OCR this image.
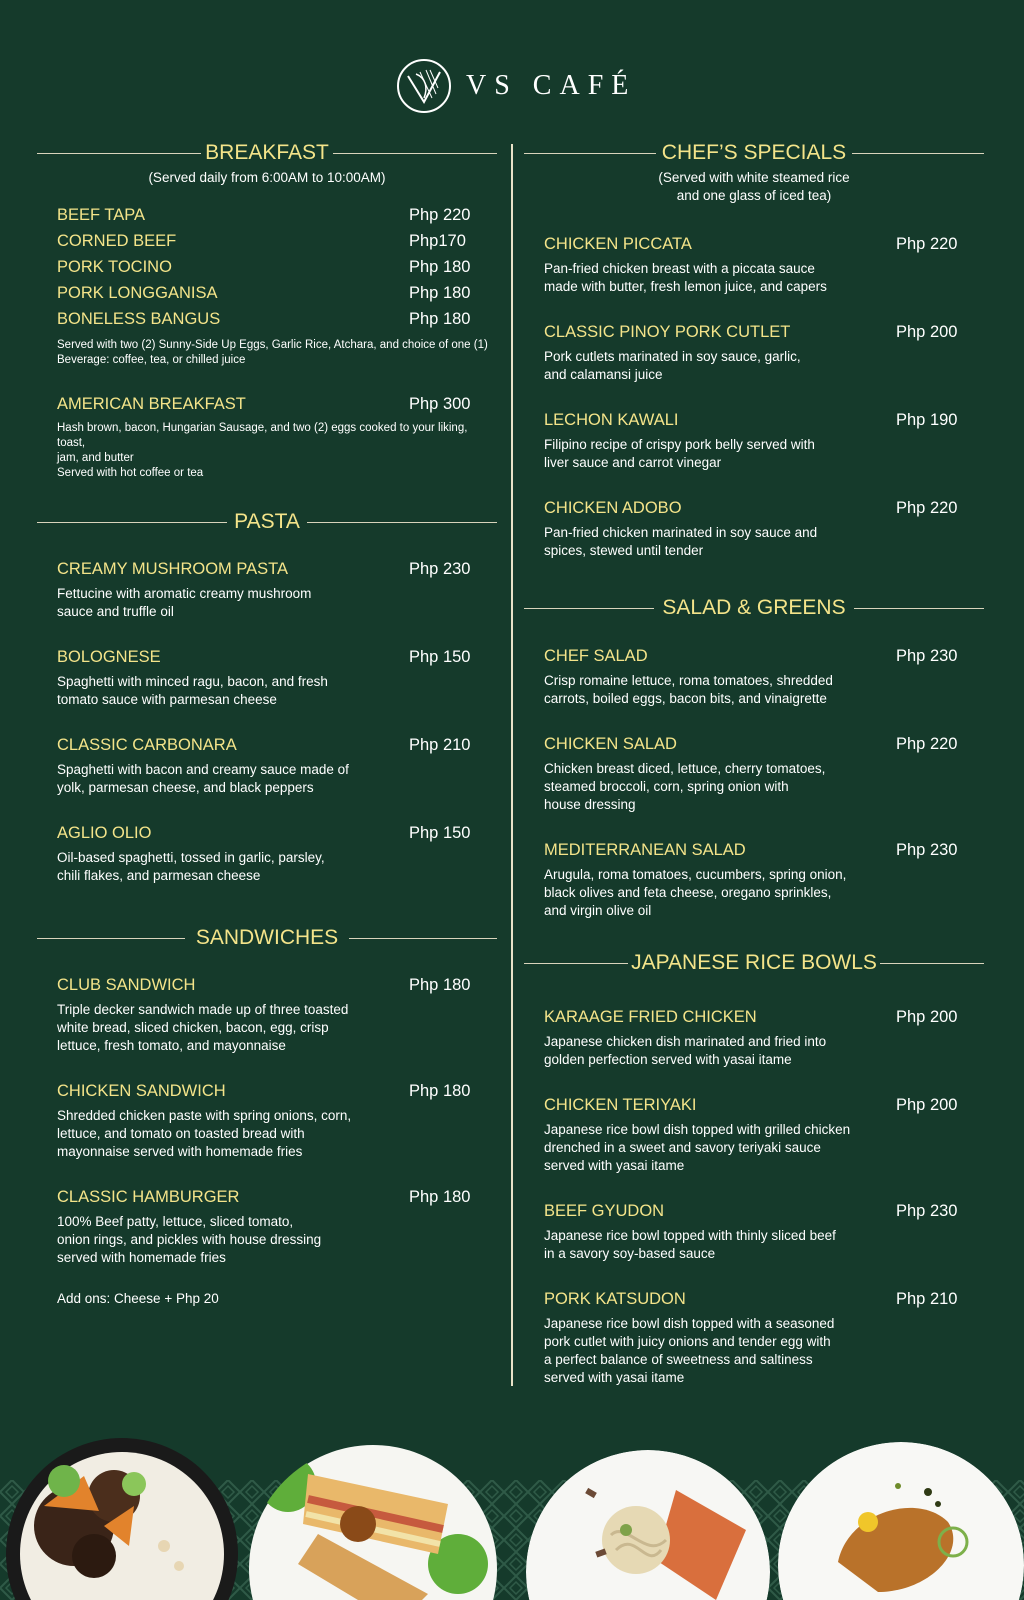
VS CAFÉ
BREAKFAST
(Served daily from 6:00AM to 10:00AM)
BEEF TAPA	Php 220
CORNED BEEF	Php170
PORK TOCINO	Php 180
PORK LONGGANISA	Php 180
BONELESS BANGUS	Php 180
Served with two (2) Sunny-Side Up Eggs, Garlic Rice, Atchara, and choice of one (1)
Beverage: coffee, tea, or chilled juice
AMERICAN BREAKFAST	Php 300
Hash brown, bacon, Hungarian Sausage, and two (2) eggs cooked to your liking, toast,
jam, and butter
Served with hot coffee or tea
PASTA
CREAMY MUSHROOM PASTA	Php 230
Fettucine with aromatic creamy mushroom
sauce and truffle oil
BOLOGNESE	Php 150
Spaghetti with minced ragu, bacon, and fresh
tomato sauce with parmesan cheese
CLASSIC CARBONARA	Php 210
Spaghetti with bacon and creamy sauce made of
yolk, parmesan cheese, and black peppers
AGLIO OLIO	Php 150
Oil-based spaghetti, tossed in garlic, parsley,
chili flakes, and parmesan cheese
SANDWICHES
CLUB SANDWICH	Php 180
Triple decker sandwich made up of three toasted
white bread, sliced chicken, bacon, egg, crisp
lettuce, fresh tomato, and mayonnaise
CHICKEN SANDWICH	Php 180
Shredded chicken paste with spring onions, corn,
lettuce, and tomato on toasted bread with
mayonnaise served with homemade fries
CLASSIC HAMBURGER	Php 180
100% Beef patty, lettuce, sliced tomato,
onion rings, and pickles with house dressing
served with homemade fries
Add ons: Cheese + Php 20
CHEF’S SPECIALS
(Served with white steamed rice
and one glass of iced tea)
CHICKEN PICCATA	Php 220
Pan-fried chicken breast with a piccata sauce
made with butter, fresh lemon juice, and capers
CLASSIC PINOY PORK CUTLET	Php 200
Pork cutlets marinated in soy sauce, garlic,
and calamansi juice
LECHON KAWALI	Php 190
Filipino recipe of crispy pork belly served with
liver sauce and carrot vinegar
CHICKEN ADOBO	Php 220
Pan-fried chicken marinated in soy sauce and
spices, stewed until tender
SALAD & GREENS
CHEF SALAD	Php 230
Crisp romaine lettuce, roma tomatoes, shredded
carrots, boiled eggs, bacon bits, and vinaigrette
CHICKEN SALAD	Php 220
Chicken breast diced, lettuce, cherry tomatoes,
steamed broccoli, corn, spring onion with
house dressing
MEDITERRANEAN SALAD	Php 230
Arugula, roma tomatoes, cucumbers, spring onion,
black olives and feta cheese, oregano sprinkles,
and virgin olive oil
JAPANESE RICE BOWLS
KARAAGE FRIED CHICKEN	Php 200
Japanese chicken dish marinated and fried into
golden perfection served with yasai itame
CHICKEN TERIYAKI	Php 200
Japanese rice bowl dish topped with grilled chicken
drenched in a sweet and savory teriyaki sauce
served with yasai itame
BEEF GYUDON	Php 230
Japanese rice bowl topped with thinly sliced beef
in a savory soy-based sauce
PORK KATSUDON	Php 210
Japanese rice bowl dish topped with a seasoned
pork cutlet with juicy onions and tender egg with
a perfect balance of sweetness and saltiness
served with yasai itame
